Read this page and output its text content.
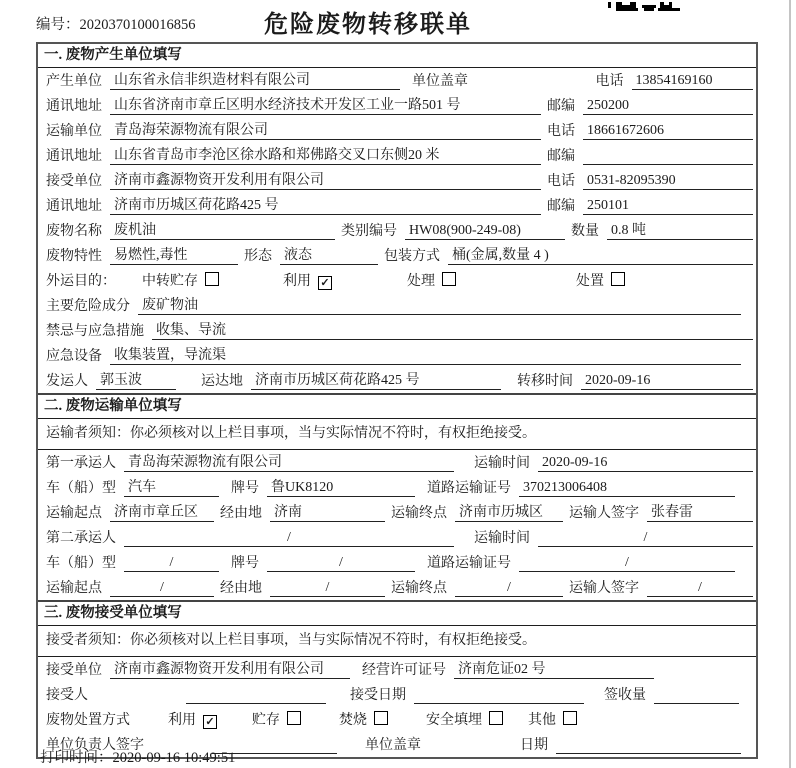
编号：2020370100016856	危险废物转移联单
一. 废物产生单位填写
产生单位 山东省永信非织造材料有限公司	单位盖章	电话 13854169160
通讯地址 山东省济南市章丘区明水经济技术开发区工业一路501 号	邮编 250200
运输单位 青岛海荣源物流有限公司	电话 18661672606
通讯地址 山东省青岛市李沧区徐水路和郑佛路交叉口东侧20 米	邮编
接受单位 济南市鑫源物资开发利用有限公司	电话 0531-82095390
通讯地址 济南市历城区荷花路425 号	邮编 250101
废物名称 废机油	类别编号 HW08(900-249-08)	数量 0.8 吨
废物特性 易燃性,毒性	形态 液态	包装方式 桶(金属,数量 4 )
外运目的： 中转贮存	利用 ✓	处理	处置
主要危险成分 废矿物油
禁忌与应急措施 收集、导流
应急设备 收集装置，导流渠
发运人 郭玉波	运达地 济南市历城区荷花路425 号	转移时间 2020-09-16
二. 废物运输单位填写
运输者须知：你必须核对以上栏目事项，当与实际情况不符时，有权拒绝接受。
第一承运人 青岛海荣源物流有限公司	运输时间 2020-09-16
车（船）型 汽车	牌号 鲁UK8120	道路运输证号 370213006408
运输起点 济南市章丘区	经由地 济南	运输终点 济南市历城区	运输人签字 张春雷
第二承运人	/	运输时间	/
车（船）型	/	牌号	/	道路运输证号	/
运输起点	/	经由地	/	运输终点	/	运输人签字	/
三. 废物接受单位填写
接受者须知：你必须核对以上栏目事项，当与实际情况不符时，有权拒绝接受。
接受单位 济南市鑫源物资开发利用有限公司	经营许可证号 济南危证02 号
接受人	接受日期	签收量
废物处置方式	利用 ✓	贮存	焚烧	安全填埋	其他
单位负责人签字	单位盖章	日期
打印时间：2020-09-16 10:49:51
